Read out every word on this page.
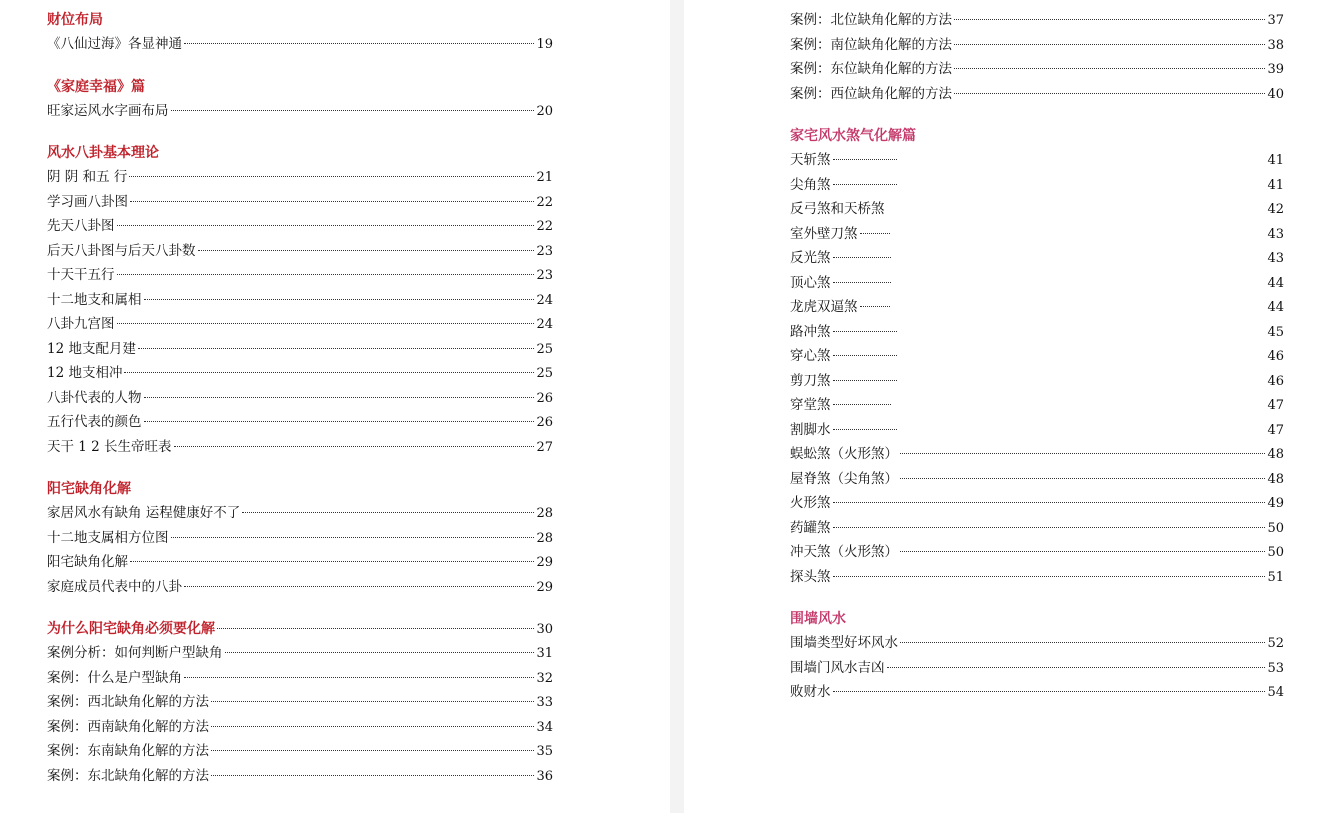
财位布局
《八仙过海》各显神通	19
《家庭幸福》篇
旺家运风水字画布局	20
风水八卦基本理论
阴 阴 和五 行	21
学习画八卦图	22
先天八卦图	22
后天八卦图与后天八卦数	23
十天干五行	23
十二地支和属相	24
八卦九宫图	24
12 地支配月建	25
12 地支相冲	25
八卦代表的人物	26
五行代表的颜色	26
天干 1 2 长生帝旺表	27
阳宅缺角化解
家居风水有缺角 运程健康好不了	28
十二地支属相方位图	28
阳宅缺角化解	29
家庭成员代表中的八卦	29
为什么阳宅缺角必须要化解	30
案例分析：如何判断户型缺角	31
案例：什么是户型缺角	32
案例：西北缺角化解的方法	33
案例：西南缺角化解的方法	34
案例：东南缺角化解的方法	35
案例：东北缺角化解的方法	36
案例：北位缺角化解的方法	37
案例：南位缺角化解的方法	38
案例：东位缺角化解的方法	39
案例：西位缺角化解的方法	40
家宅风水煞气化解篇
天斩煞	41
尖角煞	41
反弓煞和天桥煞	42
室外壁刀煞	43
反光煞	43
顶心煞	44
龙虎双逼煞	44
路冲煞	45
穿心煞	46
剪刀煞	46
穿堂煞	47
割脚水	47
蜈蚣煞（火形煞）	48
屋脊煞（尖角煞）	48
火形煞	49
药罐煞	50
冲天煞（火形煞）	50
探头煞	51
围墙风水
围墙类型好坏风水	52
围墙门风水吉凶	53
败财水	54
